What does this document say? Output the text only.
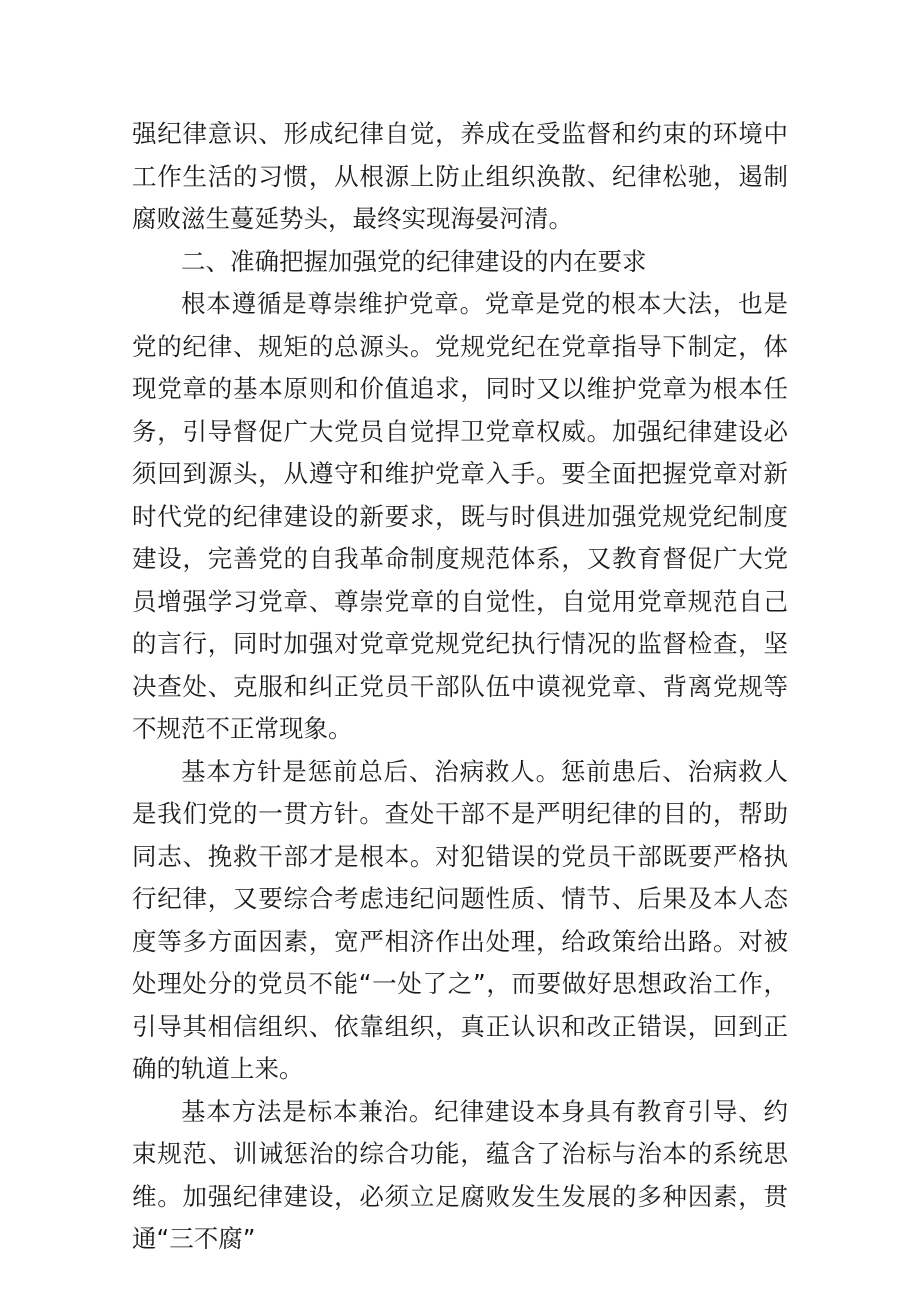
强纪律意识、形成纪律自觉，养成在受监督和约束的环境中工作生活的习惯，从根源上防止组织涣散、纪律松驰，遏制腐败滋生蔓延势头，最终实现海晏河清。

二、准确把握加强党的纪律建设的内在要求

根本遵循是尊崇维护党章。党章是党的根本大法，也是党的纪律、规矩的总源头。党规党纪在党章指导下制定，体现党章的基本原则和价值追求，同时又以维护党章为根本任务，引导督促广大党员自觉捍卫党章权威。加强纪律建设必须回到源头，从遵守和维护党章入手。要全面把握党章对新时代党的纪律建设的新要求，既与时俱进加强党规党纪制度建设，完善党的自我革命制度规范体系，又教育督促广大党员增强学习党章、尊崇党章的自觉性，自觉用党章规范自己的言行，同时加强对党章党规党纪执行情况的监督检查，坚决查处、克服和纠正党员干部队伍中谟视党章、背离党规等不规范不正常现象。

基本方针是惩前总后、治病救人。惩前患后、治病救人是我们党的一贯方针。查处干部不是严明纪律的目的，帮助同志、挽救干部才是根本。对犯错误的党员干部既要严格执行纪律，又要综合考虑违纪问题性质、情节、后果及本人态度等多方面因素，宽严相济作出处理，给政策给出路。对被处理处分的党员不能“一处了之”，而要做好思想政治工作，引导其相信组织、依靠组织，真正认识和改正错误，回到正确的轨道上来。

基本方法是标本兼治。纪律建设本身具有教育引导、约束规范、训诫惩治的综合功能，蕴含了治标与治本的系统思维。加强纪律建设，必须立足腐败发生发展的多种因素，贯通“三不腐”
